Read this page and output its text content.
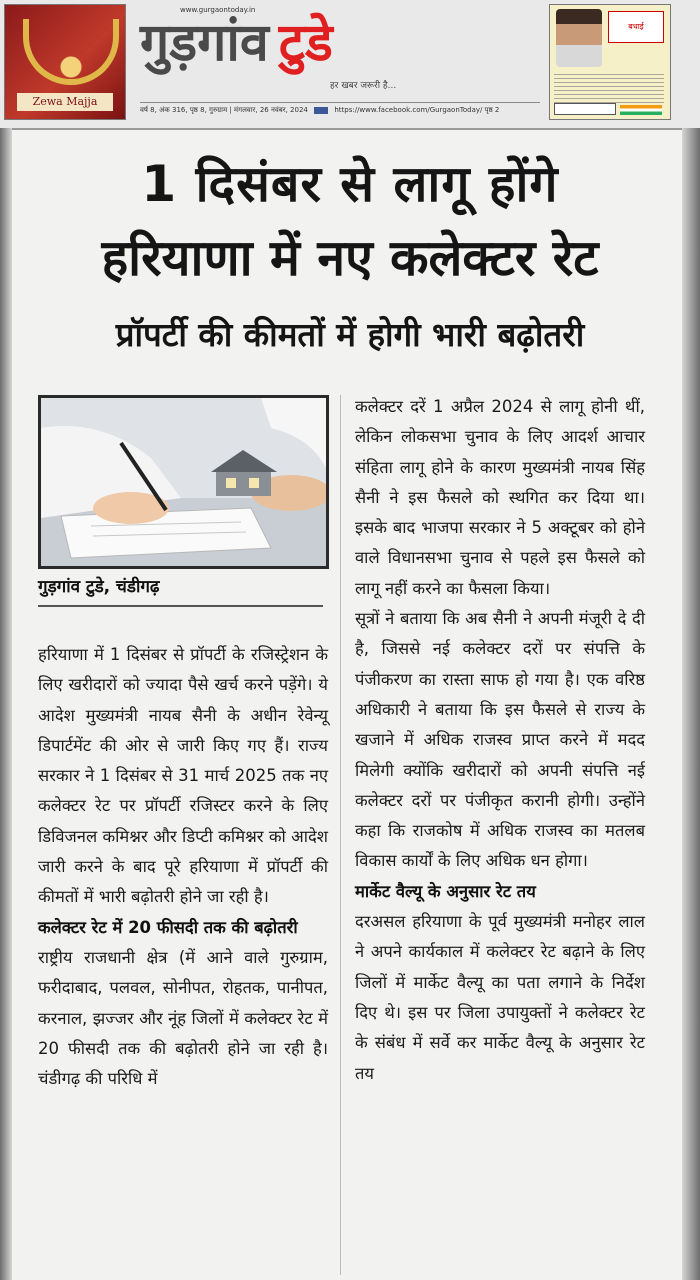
Zewa Majja
www.gurgaontoday.in
गुड़गांव टुडे
हर खबर जरूरी है...
वर्ष 8, अंक 316, पृष्ठ 8, गुरुग्राम | मंगलवार, 26 नवंबर, 2024	https://www.facebook.com/GurgaonToday/ पृष्ठ 2
बधाई
1 दिसंबर से लागू होंगे
हरियाणा में नए कलेक्टर रेट
प्रॉपर्टी की कीमतों में होगी भारी बढ़ोतरी
गुड़गांव टुडे, चंडीगढ़

हरियाणा में 1 दिसंबर से प्रॉपर्टी के रजिस्ट्रेशन के लिए खरीदारों को ज्यादा पैसे खर्च करने पड़ेंगे। ये आदेश मुख्यमंत्री नायब सैनी के अधीन रेवेन्यू डिपार्टमेंट की ओर से जारी किए गए हैं। राज्य सरकार ने 1 दिसंबर से 31 मार्च 2025 तक नए कलेक्टर रेट पर प्रॉपर्टी रजिस्टर करने के लिए डिविजनल कमिश्नर और डिप्टी कमिश्नर को आदेश जारी करने के बाद पूरे हरियाणा में प्रॉपर्टी की कीमतों में भारी बढ़ोतरी होने जा रही है।

कलेक्टर रेट में 20 फीसदी तक की बढ़ोतरी

राष्ट्रीय राजधानी क्षेत्र (में आने वाले गुरुग्राम, फरीदाबाद, पलवल, सोनीपत, रोहतक, पानीपत, करनाल, झज्जर और नूंह जिलों में कलेक्टर रेट में 20 फीसदी तक की बढ़ोतरी होने जा रही है। चंडीगढ़ की परिधि में

कलेक्टर दरें 1 अप्रैल 2024 से लागू होनी थीं, लेकिन लोकसभा चुनाव के लिए आदर्श आचार संहिता लागू होने के कारण मुख्यमंत्री नायब सिंह सैनी ने इस फैसले को स्थगित कर दिया था। इसके बाद भाजपा सरकार ने 5 अक्टूबर को होने वाले विधानसभा चुनाव से पहले इस फैसले को लागू नहीं करने का फैसला किया।

सूत्रों ने बताया कि अब सैनी ने अपनी मंजूरी दे दी है, जिससे नई कलेक्टर दरों पर संपत्ति के पंजीकरण का रास्ता साफ हो गया है। एक वरिष्ठ अधिकारी ने बताया कि इस फैसले से राज्य के खजाने में अधिक राजस्व प्राप्त करने में मदद मिलेगी क्योंकि खरीदारों को अपनी संपत्ति नई कलेक्टर दरों पर पंजीकृत करानी होगी। उन्होंने कहा कि राजकोष में अधिक राजस्व का मतलब विकास कार्यों के लिए अधिक धन होगा।

मार्केट वैल्यू के अनुसार रेट तय

दरअसल हरियाणा के पूर्व मुख्यमंत्री मनोहर लाल ने अपने कार्यकाल में कलेक्टर रेट बढ़ाने के लिए जिलों में मार्केट वैल्यू का पता लगाने के निर्देश दिए थे। इस पर जिला उपायुक्तों ने कलेक्टर रेट के संबंध में सर्वे कर मार्केट वैल्यू के अनुसार रेट तय
